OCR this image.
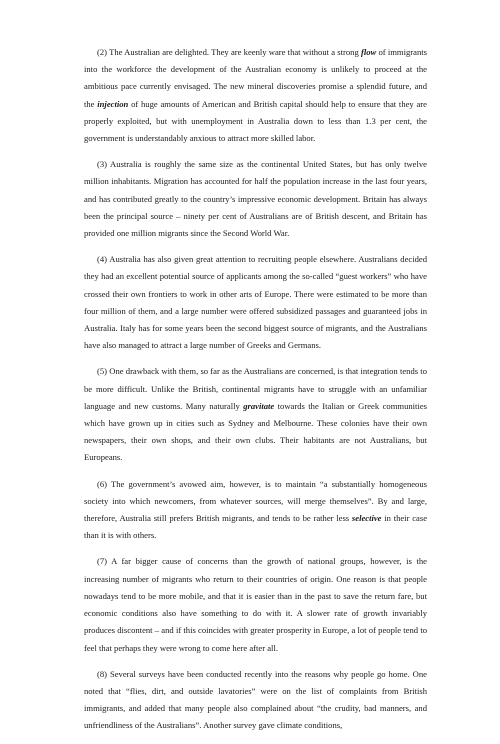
(2) The Australian are delighted. They are keenly ware that without a strong flow of immigrants into the workforce the development of the Australian economy is unlikely to proceed at the ambitious pace currently envisaged. The new mineral discoveries promise a splendid future, and the injection of huge amounts of American and British capital should help to ensure that they are properly exploited, but with unemployment in Australia down to less than 1.3 per cent, the government is understandably anxious to attract more skilled labor.

(3) Australia is roughly the same size as the continental United States, but has only twelve million inhabitants. Migration has accounted for half the population increase in the last four years, and has contributed greatly to the country’s impressive economic development. Britain has always been the principal source – ninety per cent of Australians are of British descent, and Britain has provided one million migrants since the Second World War.

(4) Australia has also given great attention to recruiting people elsewhere. Australians decided they had an excellent potential source of applicants among the so-called “guest workers” who have crossed their own frontiers to work in other arts of Europe. There were estimated to be more than four million of them, and a large number were offered subsidized passages and guaranteed jobs in Australia. Italy has for some years been the second biggest source of migrants, and the Australians have also managed to attract a large number of Greeks and Germans.

(5) One drawback with them, so far as the Australians are concerned, is that integration tends to be more difficult. Unlike the British, continental migrants have to struggle with an unfamiliar language and new customs. Many naturally gravitate towards the Italian or Greek communities which have grown up in cities such as Sydney and Melbourne. These colonies have their own newspapers, their own shops, and their own clubs. Their habitants are not Australians, but Europeans.

(6) The government’s avowed aim, however, is to maintain “a substantially homogeneous society into which newcomers, from whatever sources, will merge themselves”. By and large, therefore, Australia still prefers British migrants, and tends to be rather less selective in their case than it is with others.

(7) A far bigger cause of concerns than the growth of national groups, however, is the increasing number of migrants who return to their countries of origin. One reason is that people nowadays tend to be more mobile, and that it is easier than in the past to save the return fare, but economic conditions also have something to do with it. A slower rate of growth invariably produces discontent – and if this coincides with greater prosperity in Europe, a lot of people tend to feel that perhaps they were wrong to come here after all.

(8) Several surveys have been conducted recently into the reasons why people go home. One noted that “flies, dirt, and outside lavatories” were on the list of complaints from British immigrants, and added that many people also complained about “the crudity, bad manners, and unfriendliness of the Australians”. Another survey gave climate conditions,
